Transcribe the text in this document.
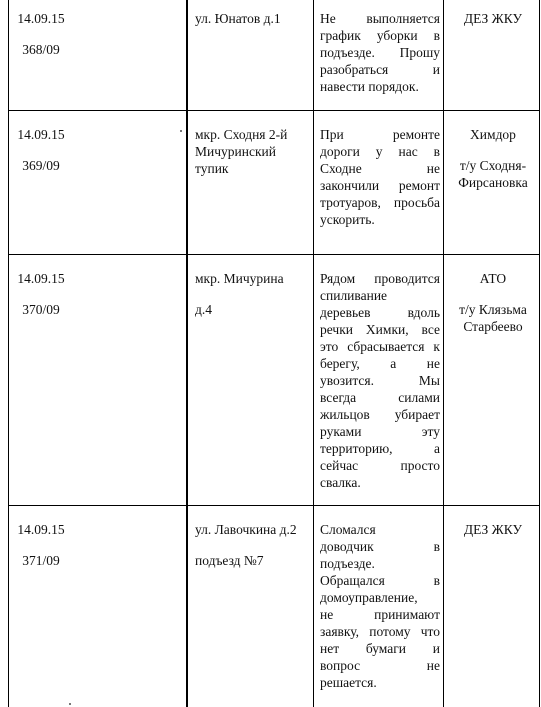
14.09.15
368/09
ул. Юнатов д.1	Не выполняется
график уборки в
подъезде. Прошу
разобраться и
навести порядок.
ДЕЗ ЖКУ
14.09.15
369/09
мкр. Сходня 2-й
Мичуринский
тупик
При ремонте
дороги у нас в
Сходне не
закончили ремонт
тротуаров, просьба
ускорить.
Химдор
т/у Сходня-
Фирсановка
14.09.15
370/09
мкр. Мичурина
д.4
Рядом проводится
спиливание
деревьев вдоль
речки Химки, все
это сбрасывается к
берегу, а не
увозится. Мы
всегда силами
жильцов убирает
руками эту
территорию, а
сейчас просто
свалка.
АТО
т/у Клязьма
Старбеево
14.09.15
371/09
ул. Лавочкина д.2
подъезд №7
Сломался
доводчик в
подъезде.
Обращался в
домоуправление,
не принимают
заявку, потому что
нет бумаги и
вопрос не
решается.
ДЕЗ ЖКУ
